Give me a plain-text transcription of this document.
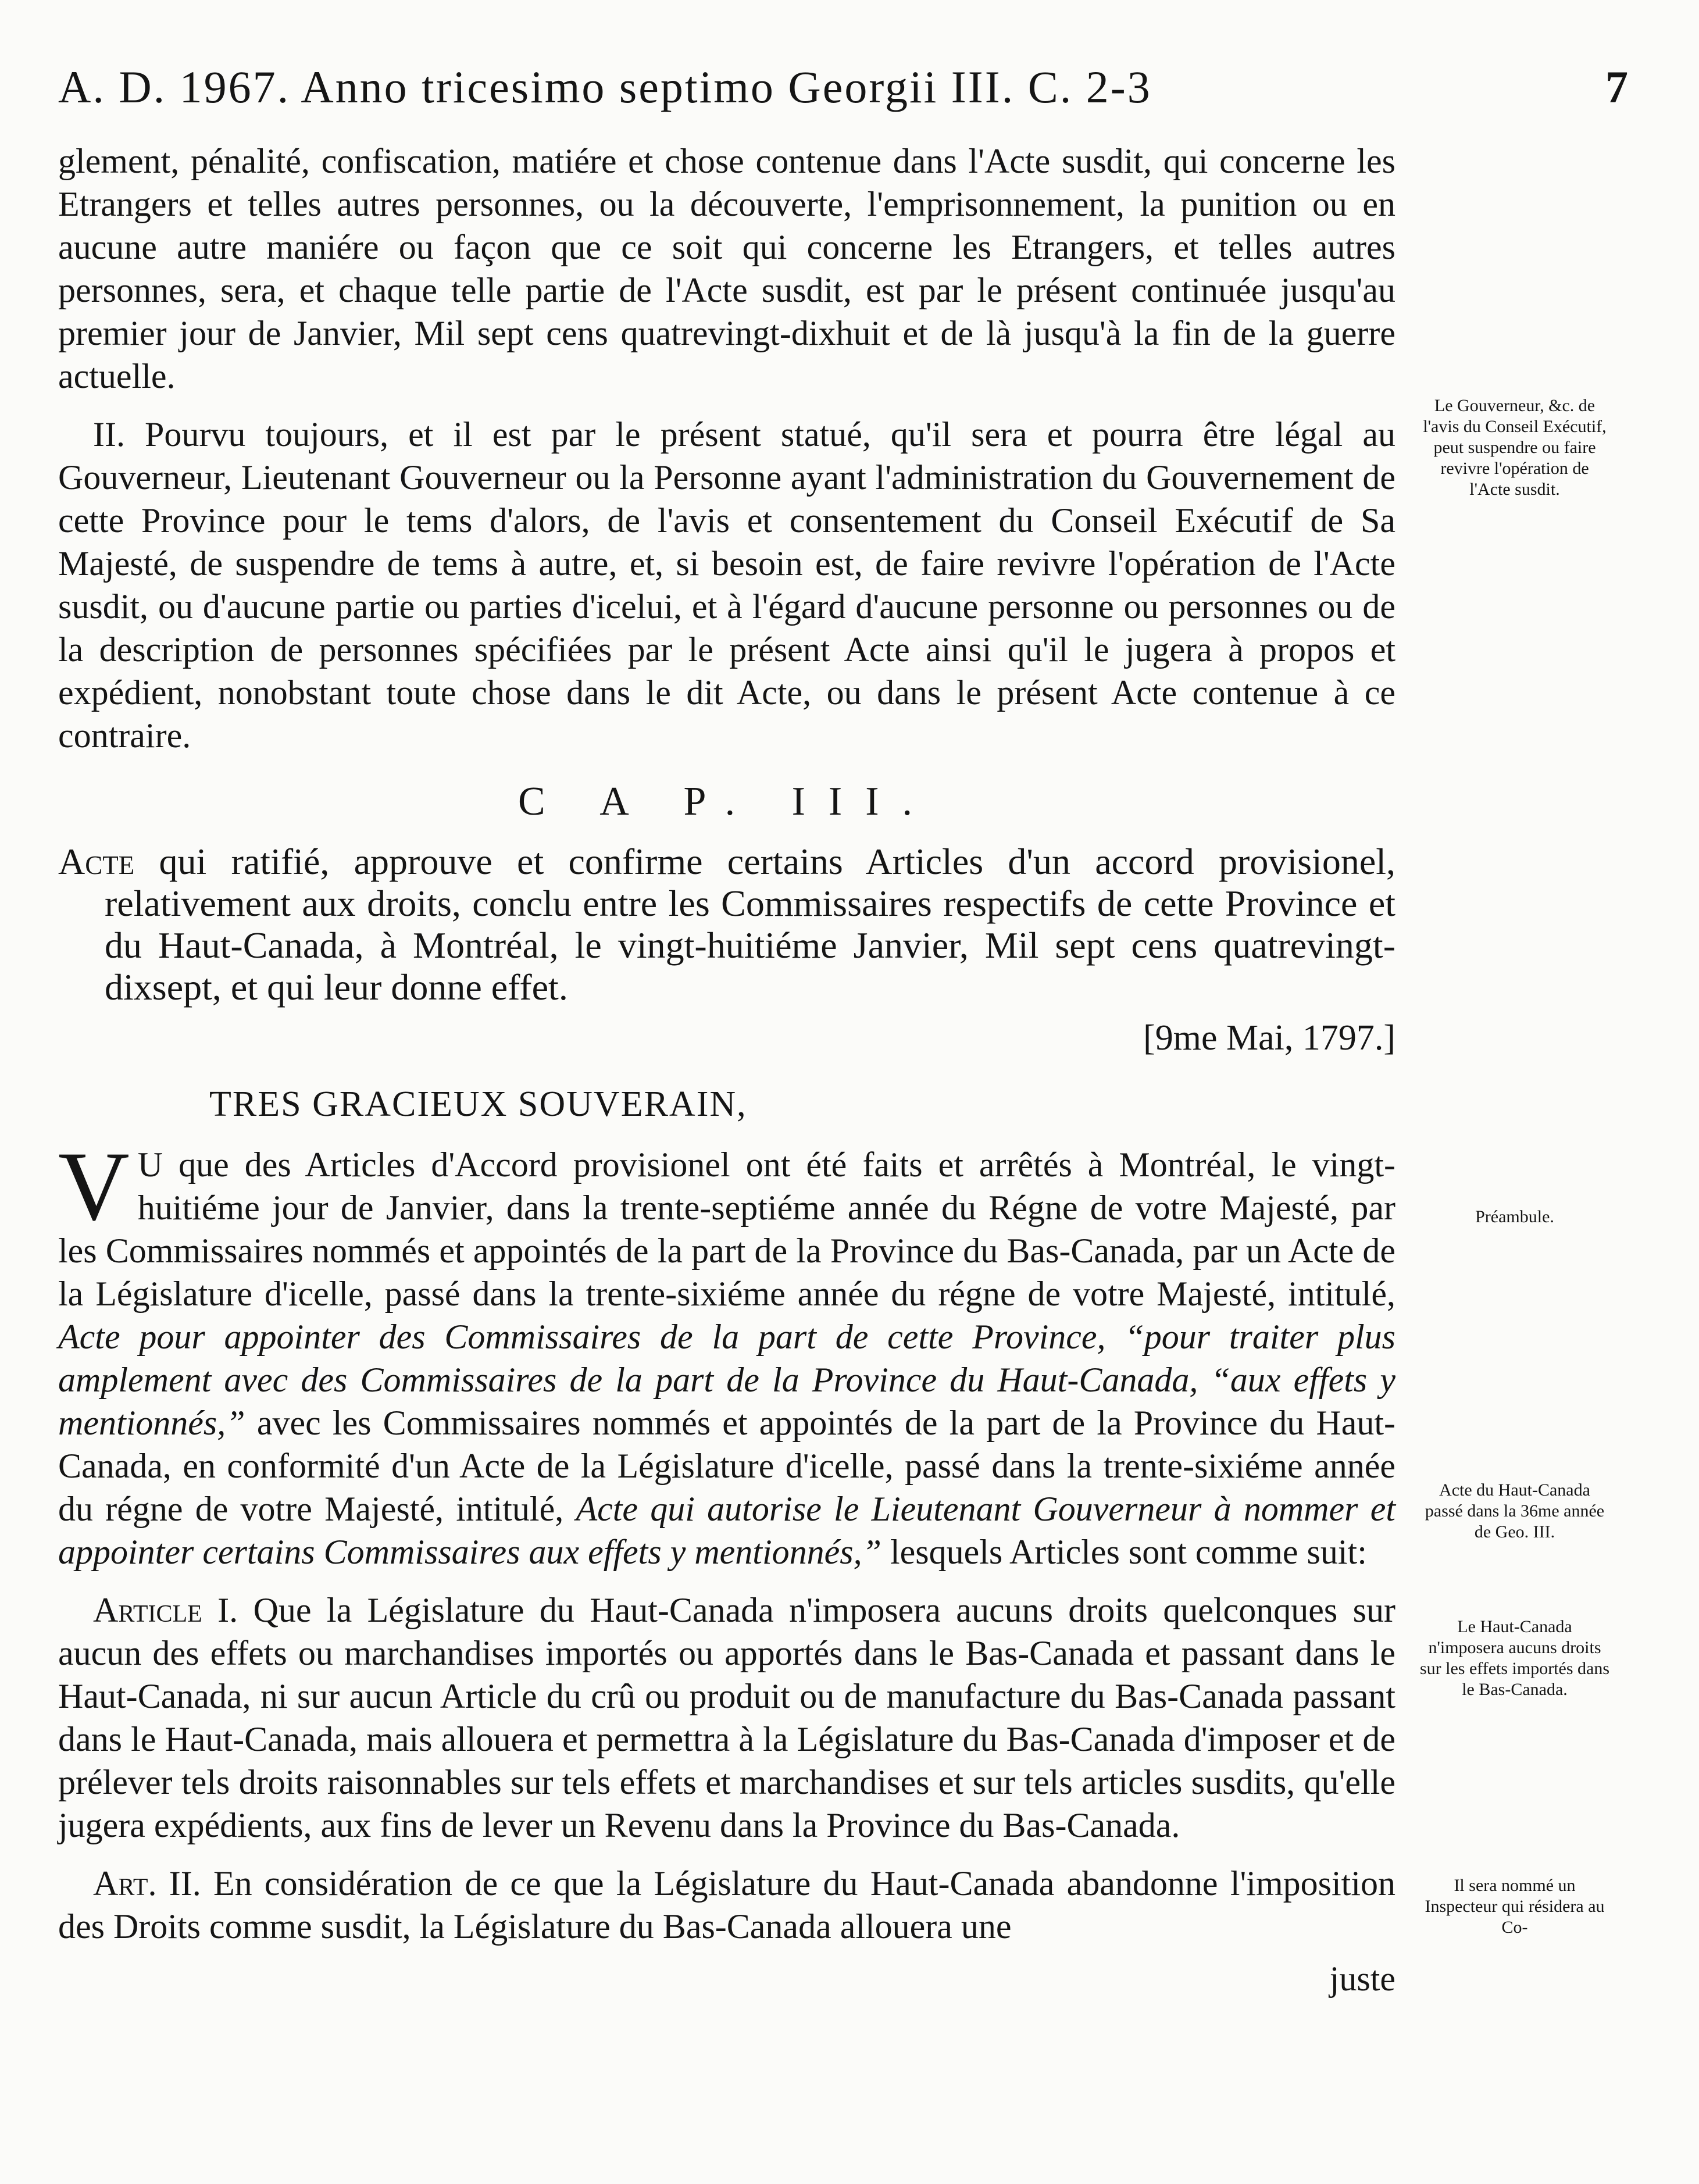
A. D. 1967. Anno tricesimo septimo Georgii III. C. 2-3	7

glement, pénalité, confiscation, matiére et chose contenue dans l'Acte susdit, qui concerne les Etrangers et telles autres personnes, ou la découverte, l'emprisonnement, la punition ou en aucune autre maniére ou façon que ce soit qui concerne les Etrangers, et telles autres personnes, sera, et chaque telle partie de l'Acte susdit, est par le présent continuée jusqu'au premier jour de Janvier, Mil sept cens quatrevingt-dixhuit et de là jusqu'à la fin de la guerre actuelle.

II. Pourvu toujours, et il est par le présent statué, qu'il sera et pourra être légal au Gouverneur, Lieutenant Gouverneur ou la Personne ayant l'administration du Gouvernement de cette Province pour le tems d'alors, de l'avis et consentement du Conseil Exécutif de Sa Majesté, de suspendre de tems à autre, et, si besoin est, de faire revivre l'opération de l'Acte susdit, ou d'aucune partie ou parties d'icelui, et à l'égard d'aucune personne ou personnes ou de la description de personnes spécifiées par le présent Acte ainsi qu'il le jugera à propos et expédient, nonobstant toute chose dans le dit Acte, ou dans le présent Acte contenue à ce contraire.

C A P. III.

Acte qui ratifié, approuve et confirme certains Articles d'un accord provisionel, relativement aux droits, conclu entre les Commissaires respectifs de cette Province et du Haut-Canada, à Montréal, le vingt-huitiéme Janvier, Mil sept cens quatrevingt-dixsept, et qui leur donne effet.

[9me Mai, 1797.]

TRES GRACIEUX SOUVERAIN,

V U que des Articles d'Accord provisionel ont été faits et arrêtés à Montréal, le vingt-huitiéme jour de Janvier, dans la trente-septiéme année du Régne de votre Majesté, par les Commissaires nommés et appointés de la part de la Province du Bas-Canada, par un Acte de la Législature d'icelle, passé dans la trente-sixiéme année du régne de votre Majesté, intitulé, Acte pour appointer des Commissaires de la part de cette Province, “pour traiter plus amplement avec des Commissaires de la part de la Province du Haut-Canada, “aux effets y mentionnés,” avec les Commissaires nommés et appointés de la part de la Province du Haut-Canada, en conformité d'un Acte de la Législature d'icelle, passé dans la trente-sixiéme année du régne de votre Majesté, intitulé, Acte qui autorise le Lieutenant Gouverneur à nommer et appointer certains Commissaires aux effets y mentionnés,” lesquels Articles sont comme suit:

Article I. Que la Législature du Haut-Canada n'imposera aucuns droits quelconques sur aucun des effets ou marchandises importés ou apportés dans le Bas-Canada et passant dans le Haut-Canada, ni sur aucun Article du crû ou produit ou de manufacture du Bas-Canada passant dans le Haut-Canada, mais allouera et permettra à la Législature du Bas-Canada d'imposer et de prélever tels droits raisonnables sur tels effets et marchandises et sur tels articles susdits, qu'elle jugera expédients, aux fins de lever un Revenu dans la Province du Bas-Canada.

Art. II. En considération de ce que la Législature du Haut-Canada abandonne l'imposition des Droits comme susdit, la Législature du Bas-Canada allouera une

juste

Le Gouverneur, &c. de l'avis du Conseil Exécutif, peut suspendre ou faire revivre l'opération de l'Acte susdit.
Préambule.
Acte du Haut-Canada passé dans la 36me année de Geo. III.
Le Haut-Canada n'imposera aucuns droits sur les effets importés dans le Bas-Canada.
Il sera nommé un Inspecteur qui résidera au Co-
